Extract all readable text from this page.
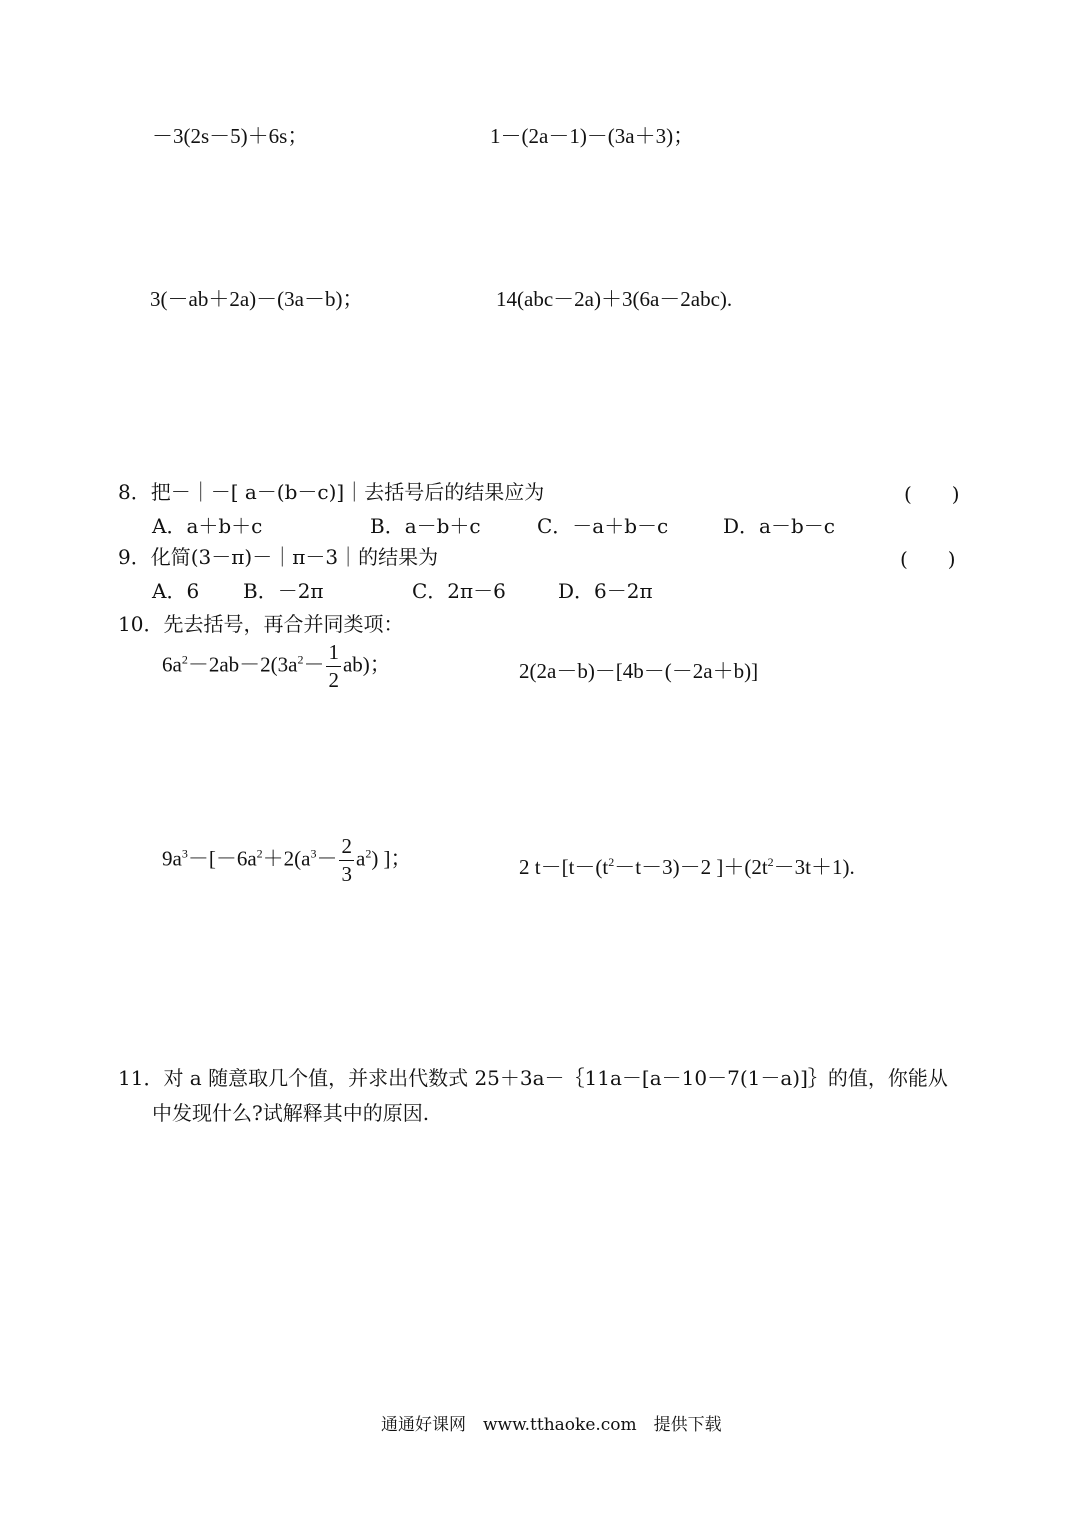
－3(2s－5)＋6s；	1－(2a－1)－(3a＋3)；
3(－ab＋2a)－(3a－b)；	14(abc－2a)＋3(6a－2abc).
8．把－｜－[ a－(b－c)]｜去括号后的结果应为	(　　)
A．a＋b＋c	B．a－b＋c	C．－a＋b－c	D．a－b－c
9．化简(3－π)－｜π－3｜的结果为	(　　)
A．6 B．－2π	C．2π－6	D．6－2π
10．先去括号，再合并同类项：
$6a^2-2ab-2(3a^2- \frac{1}{2} ab)$；	2(2a－b)－[4b－(－2a＋b)]
$9a^3-[-6a^2+2(a^3- \frac{2}{3} a^2)$ ]；	2 $t-[t-(t^2-t-3)-2$ ]$+(2t^2-3t+1)$.
11．对 a 随意取几个值，并求出代数式 25＋3a－｛11a－[a－10－7(1－a)]｝的值，你能从
中发现什么?试解释其中的原因.
通通好课网　www.tthaoke.com　提供下载
